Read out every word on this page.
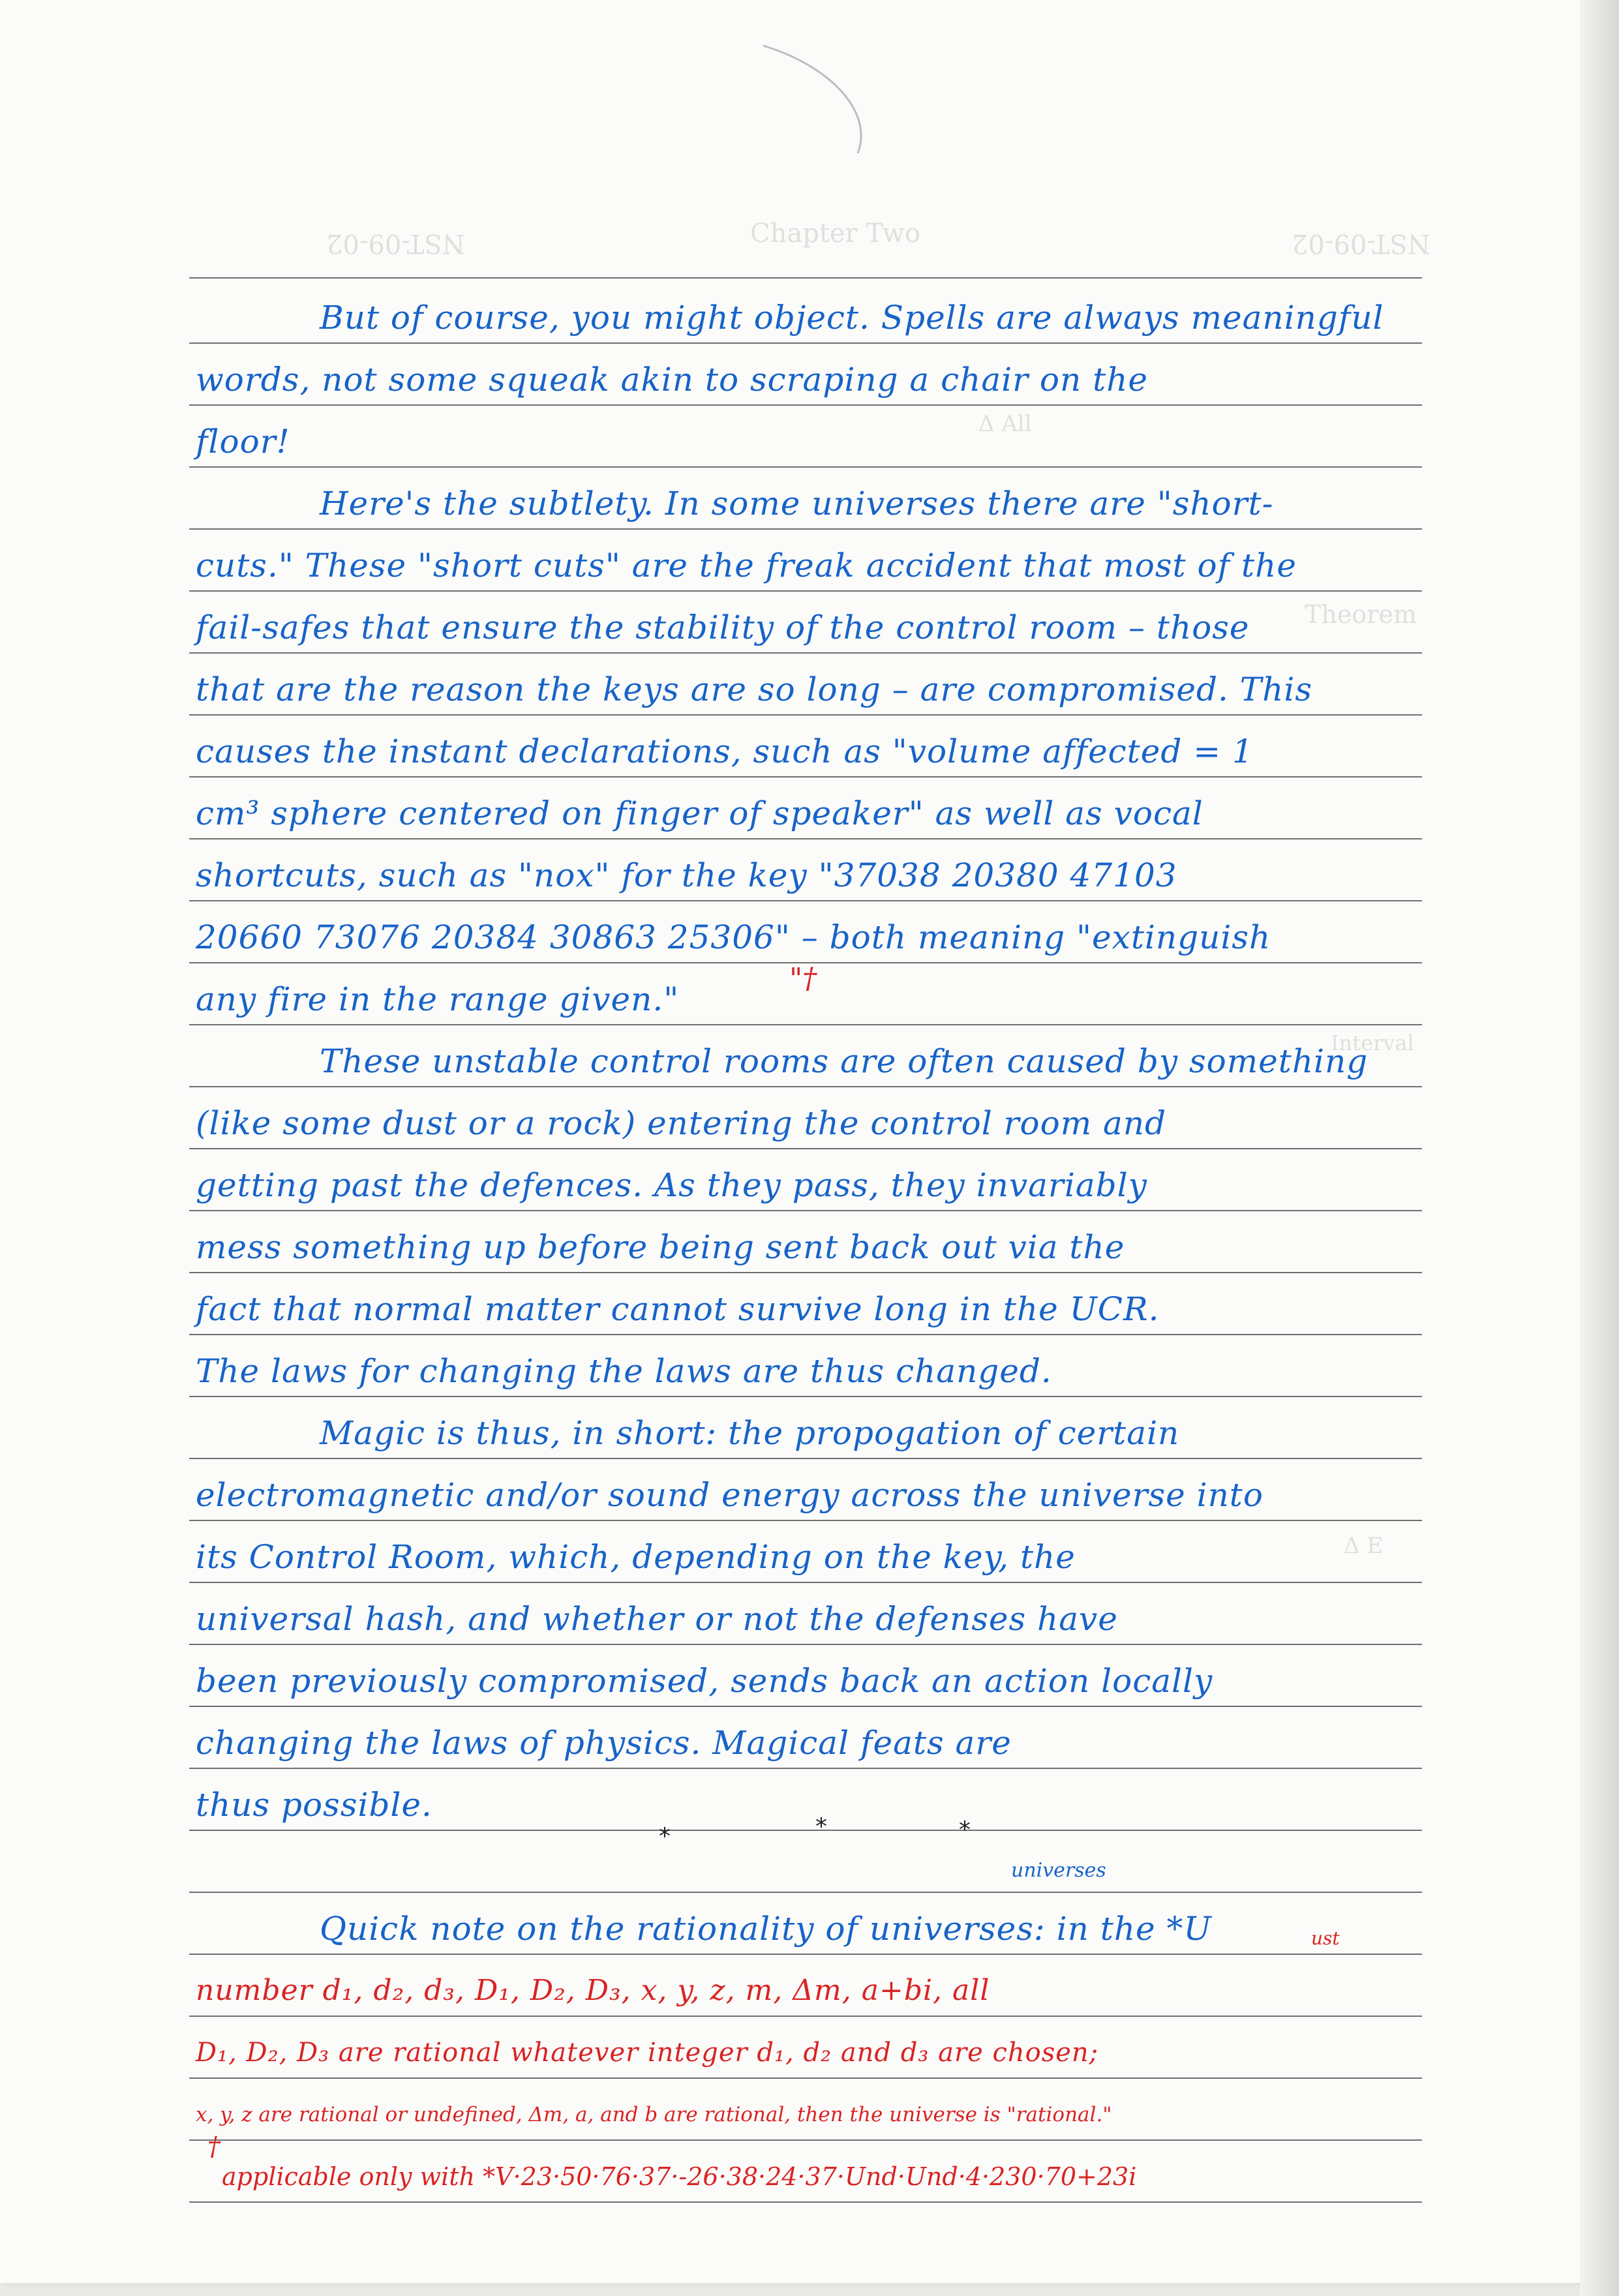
NST-09-02	Chapter Two	NST-09-02
Δ All
Theorem
Interval
Δ E
But of course, you might object. Spells are always meaningful
words, not some squeak akin to scraping a chair on the
floor!
Here's the subtlety. In some universes there are "short-
cuts." These "short cuts" are the freak accident that most of the
fail-safes that ensure the stability of the control room – those
that are the reason the keys are so long – are compromised. This
causes the instant declarations, such as "volume affected = 1
cm³ sphere centered on finger of speaker" as well as vocal
shortcuts, such as "nox" for the key "37038 20380 47103
20660 73076 20384 30863 25306" – both meaning "extinguish
any fire in the range given."
"†
These unstable control rooms are often caused by something
(like some dust or a rock) entering the control room and
getting past the defences. As they pass, they invariably
mess something up before being sent back out via the
fact that normal matter cannot survive long in the UCR.
The laws for changing the laws are thus changed.
Magic is thus, in short: the propogation of certain
electromagnetic and/or sound energy across the universe into
its Control Room, which, depending on the key, the
universal hash, and whether or not the defenses have
been previously compromised, sends back an action locally
changing the laws of physics. Magical feats are
thus possible.
*	*	*
universes
Quick note on the rationality of universes: in the *U	ust
number d₁, d₂, d₃, D₁, D₂, D₃, x, y, z, m, Δm, a+bi, all
D₁, D₂, D₃ are rational whatever integer d₁, d₂ and d₃ are chosen;
x, y, z are rational or undefined, Δm, a, and b are rational, then the universe is "rational."
†
applicable only with *V·23·50·76·37·-26·38·24·37·Und·Und·4·230·70+23i
